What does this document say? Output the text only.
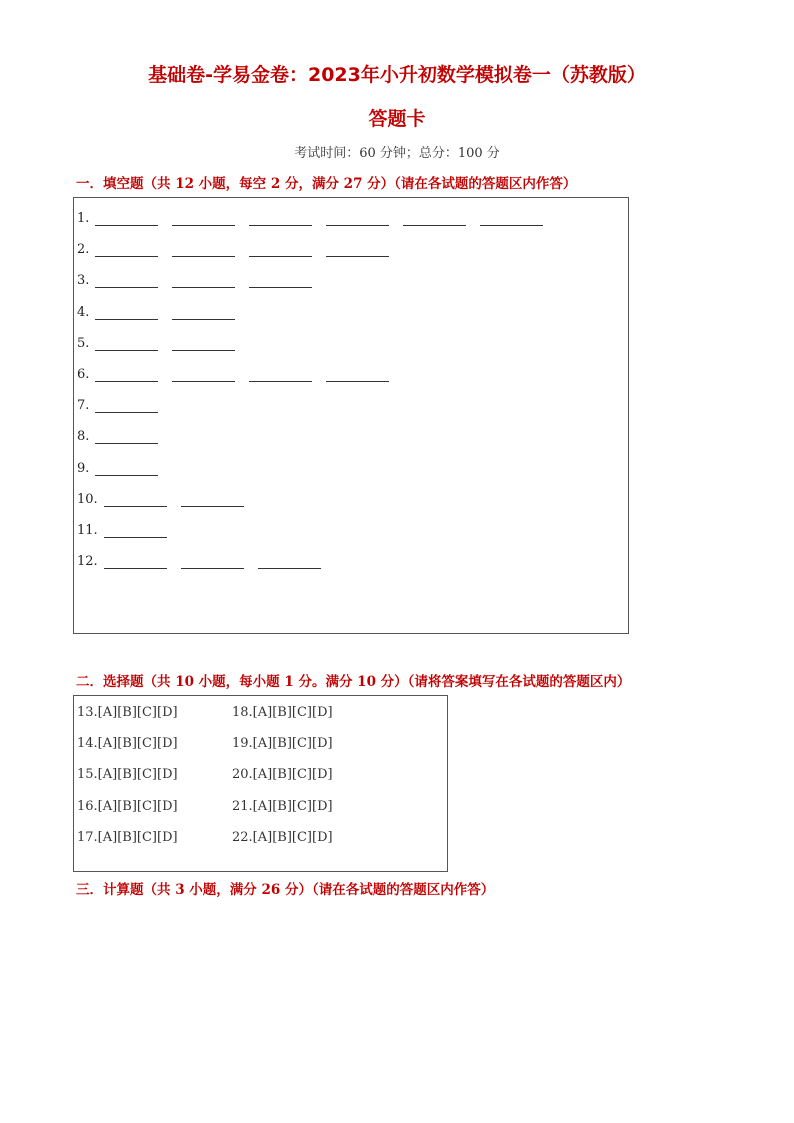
基础卷-学易金卷：2023年小升初数学模拟卷一（苏教版）
答题卡
考试时间：60 分钟；总分：100 分
一．填空题（共 12 小题，每空 2 分，满分 27 分）（请在各试题的答题区内作答）
1.
2.
3.
4.
5.
6.
7.
8.
9.
10.
11.
12.
二．选择题（共 10 小题，每小题 1 分。满分 10 分）（请将答案填写在各试题的答题区内）
13.[A][B][C][D]
14.[A][B][C][D]
15.[A][B][C][D]
16.[A][B][C][D]
17.[A][B][C][D]
18.[A][B][C][D]
19.[A][B][C][D]
20.[A][B][C][D]
21.[A][B][C][D]
22.[A][B][C][D]
三．计算题（共 3 小题，满分 26 分）（请在各试题的答题区内作答）
